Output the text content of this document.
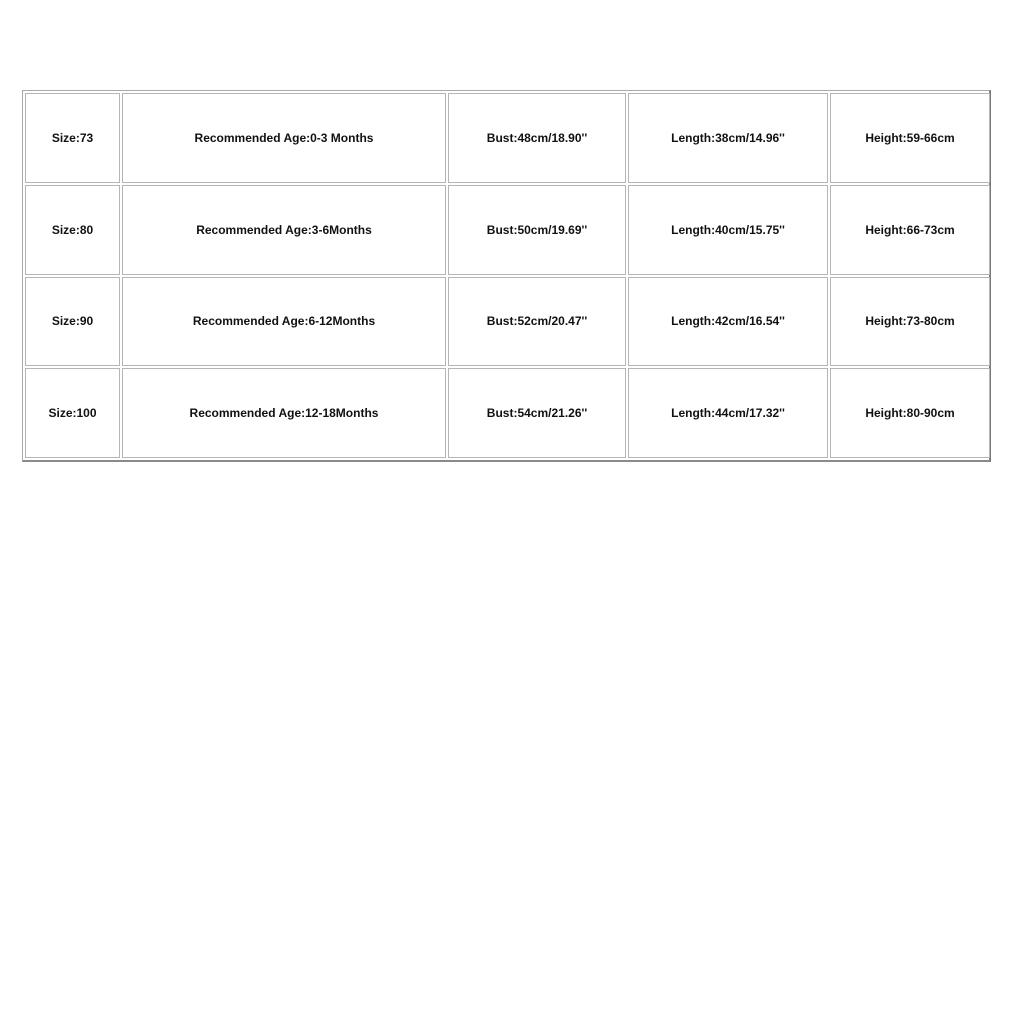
Size:73	Recommended Age:0-3 Months	Bust:48cm/18.90''	Length:38cm/14.96''	Height:59-66cm
Size:80	Recommended Age:3-6Months	Bust:50cm/19.69''	Length:40cm/15.75''	Height:66-73cm
Size:90	Recommended Age:6-12Months	Bust:52cm/20.47''	Length:42cm/16.54''	Height:73-80cm
Size:100	Recommended Age:12-18Months	Bust:54cm/21.26''	Length:44cm/17.32''	Height:80-90cm
